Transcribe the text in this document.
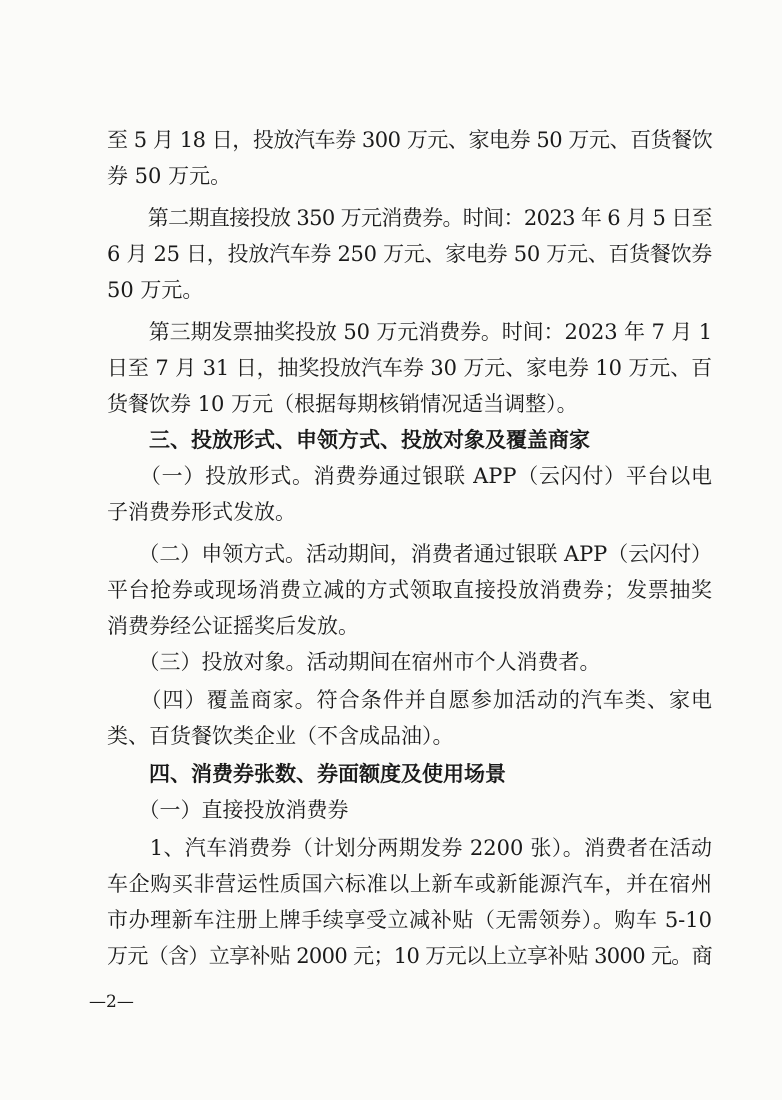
至 5 月 18 日，投放汽车券 300 万元、家电券 50 万元、百货餐饮
券 50 万元。
　　第二期直接投放 350 万元消费券。时间：2023 年 6 月 5 日至
6 月 25 日，投放汽车券 250 万元、家电券 50 万元、百货餐饮券
50 万元。
　　第三期发票抽奖投放 50 万元消费券。时间：2023 年 7 月 1
日至 7 月 31 日，抽奖投放汽车券 30 万元、家电券 10 万元、百
货餐饮券 10 万元（根据每期核销情况适当调整）。
　　三、投放形式、申领方式、投放对象及覆盖商家
　　（一）投放形式。消费券通过银联 APP（云闪付）平台以电
子消费券形式发放。
　　（二）申领方式。活动期间，消费者通过银联 APP（云闪付）
平台抢券或现场消费立减的方式领取直接投放消费券；发票抽奖
消费券经公证摇奖后发放。
　　（三）投放对象。活动期间在宿州市个人消费者。
　　（四）覆盖商家。符合条件并自愿参加活动的汽车类、家电
类、百货餐饮类企业（不含成品油）。
　　四、消费券张数、券面额度及使用场景
　　（一）直接投放消费券
　　1、汽车消费券（计划分两期发券 2200 张）。消费者在活动
车企购买非营运性质国六标准以上新车或新能源汽车，并在宿州
市办理新车注册上牌手续享受立减补贴（无需领券）。购车 5-10
万元（含）立享补贴 2000 元；10 万元以上立享补贴 3000 元。商
—2—
